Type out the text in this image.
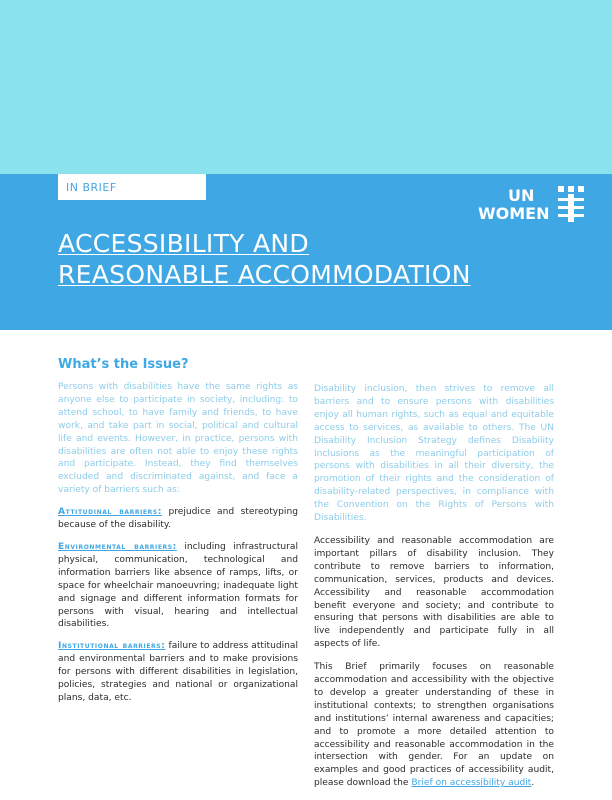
IN BRIEF	UN
WOMEN
ACCESSIBILITY AND
REASONABLE ACCOMMODATION
What’s the Issue?

Persons with disabilities have the same rights as anyone else to participate in society, including: to attend school, to have family and friends, to have work, and take part in social, political and cultural life and events. However, in practice, persons with disabilities are often not able to enjoy these rights and participate. Instead, they find themselves excluded and discriminated against, and face a variety of barriers such as:

Attitudinal barriers: prejudice and stereotyping because of the disability.

Environmental barriers: including infrastructural physical, communication, technological and information barriers like absence of ramps, lifts, or space for wheelchair manoeuvring; inadequate light and signage and different information formats for persons with visual, hearing and intellectual disabilities.

Institutional barriers: failure to address attitudinal and environmental barriers and to make provisions for persons with different disabilities in legislation, policies, strategies and national or organizational plans, data, etc.

Disability inclusion, then strives to remove all barriers and to ensure persons with disabilities enjoy all human rights, such as equal and equitable access to services, as available to others. The UN Disability Inclusion Strategy defines Disability Inclusions as the meaningful participation of persons with disabilities in all their diversity, the promotion of their rights and the consideration of disability-related perspectives, in compliance with the Convention on the Rights of Persons with Disabilities.

Accessibility and reasonable accommodation are important pillars of disability inclusion. They contribute to remove barriers to information, communication, services, products and devices. Accessibility and reasonable accommodation benefit everyone and society; and contribute to ensuring that persons with disabilities are able to live independently and participate fully in all aspects of life.

This Brief primarily focuses on reasonable accommodation and accessibility with the objective to develop a greater understanding of these in institutional contexts; to strengthen organisations and institutions’ internal awareness and capacities; and to promote a more detailed attention to accessibility and reasonable accommodation in the intersection with gender. For an update on examples and good practices of accessibility audit, please download the Brief on accessibility audit.
